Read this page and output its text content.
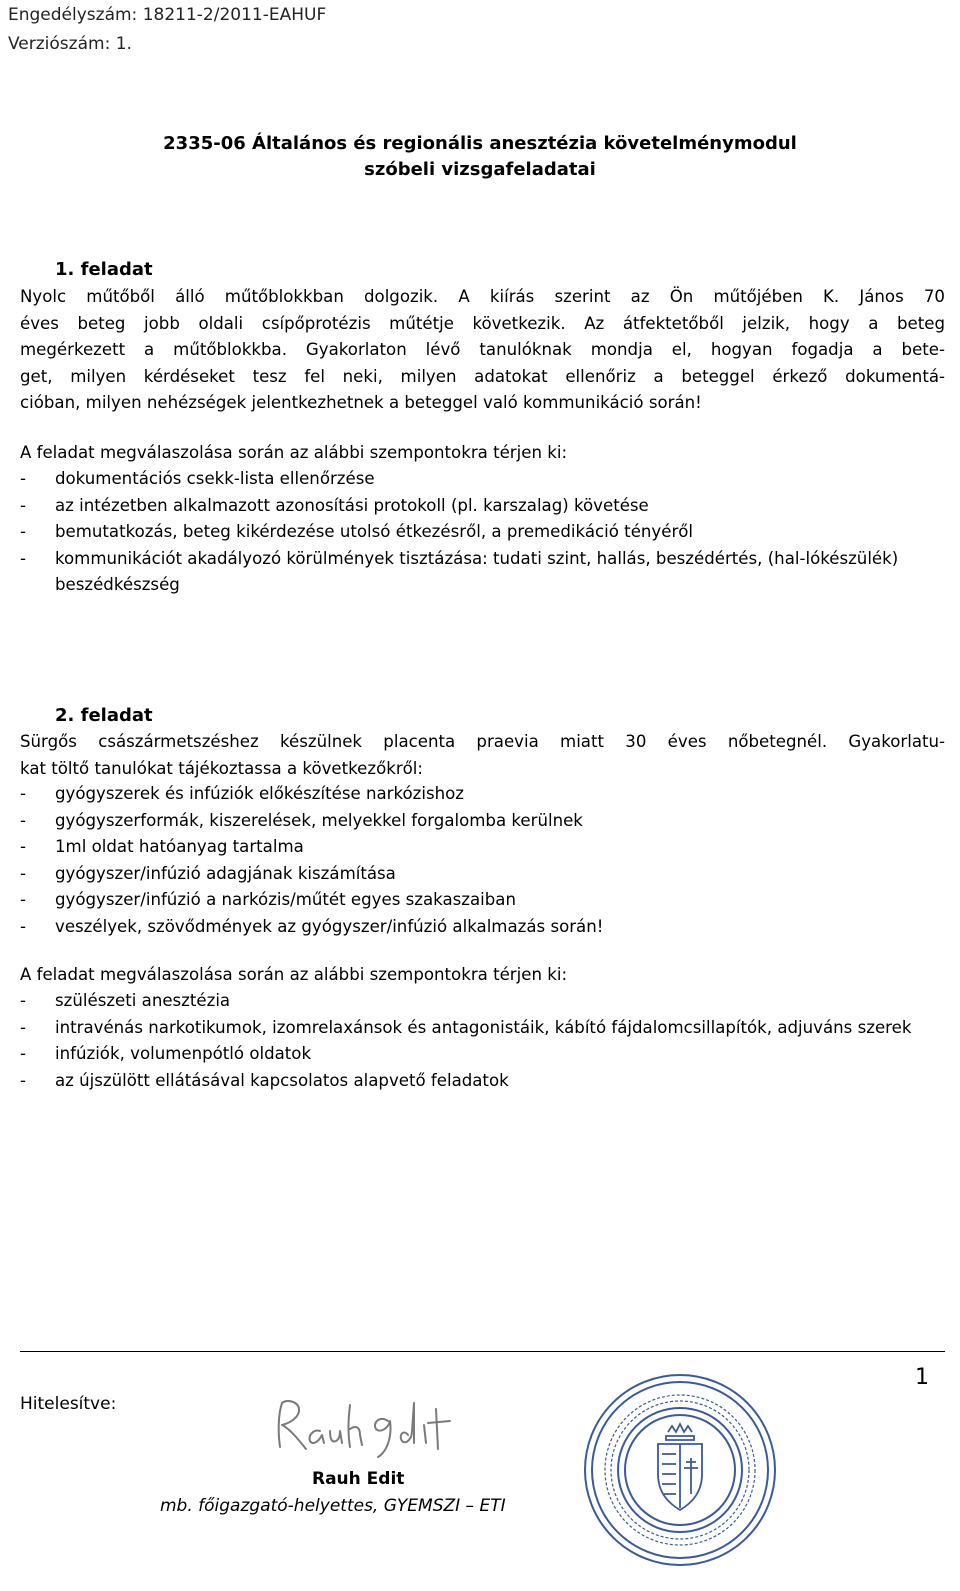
Engedélyszám: 18211-2/2011-EAHUF
Verziószám: 1.
2335-06 Általános és regionális anesztézia követelménymodul
szóbeli vizsgafeladatai
1. feladat
Nyolc műtőből álló műtőblokkban dolgozik. A kiírás szerint az Ön műtőjében K. János 70
éves beteg jobb oldali csípőprotézis műtétje következik. Az átfektetőből jelzik, hogy a beteg
megérkezett a műtőblokkba. Gyakorlaton lévő tanulóknak mondja el, hogyan fogadja a bete-
get, milyen kérdéseket tesz fel neki, milyen adatokat ellenőriz a beteggel érkező dokumentá-
cióban, milyen nehézségek jelentkezhetnek a beteggel való kommunikáció során!
A feladat megválaszolása során az alábbi szempontokra térjen ki:
- dokumentációs csekk-lista ellenőrzése
- az intézetben alkalmazott azonosítási protokoll (pl. karszalag) követése
- bemutatkozás, beteg kikérdezése utolsó étkezésről, a premedikáció tényéről
- kommunikációt akadályozó körülmények tisztázása: tudati szint, hallás, beszédértés, (hal-lókészülék) beszédkészség
2. feladat
Sürgős császármetszéshez készülnek placenta praevia miatt 30 éves nőbetegnél. Gyakorlatu-
kat töltő tanulókat tájékoztassa a következőkről:
- gyógyszerek és infúziók előkészítése narkózishoz
- gyógyszerformák, kiszerelések, melyekkel forgalomba kerülnek
- 1ml oldat hatóanyag tartalma
- gyógyszer/infúzió adagjának kiszámítása
- gyógyszer/infúzió a narkózis/műtét egyes szakaszaiban
- veszélyek, szövődmények az gyógyszer/infúzió alkalmazás során!
A feladat megválaszolása során az alábbi szempontokra térjen ki:
- szülészeti anesztézia
- intravénás narkotikumok, izomrelaxánsok és antagonistáik, kábító fájdalomcsillapítók, adjuváns szerek
- infúziók, volumenpótló oldatok
- az újszülött ellátásával kapcsolatos alapvető feladatok
1
Hitelesítve:
Rauh Edit
mb. főigazgató-helyettes, GYEMSZI – ETI
